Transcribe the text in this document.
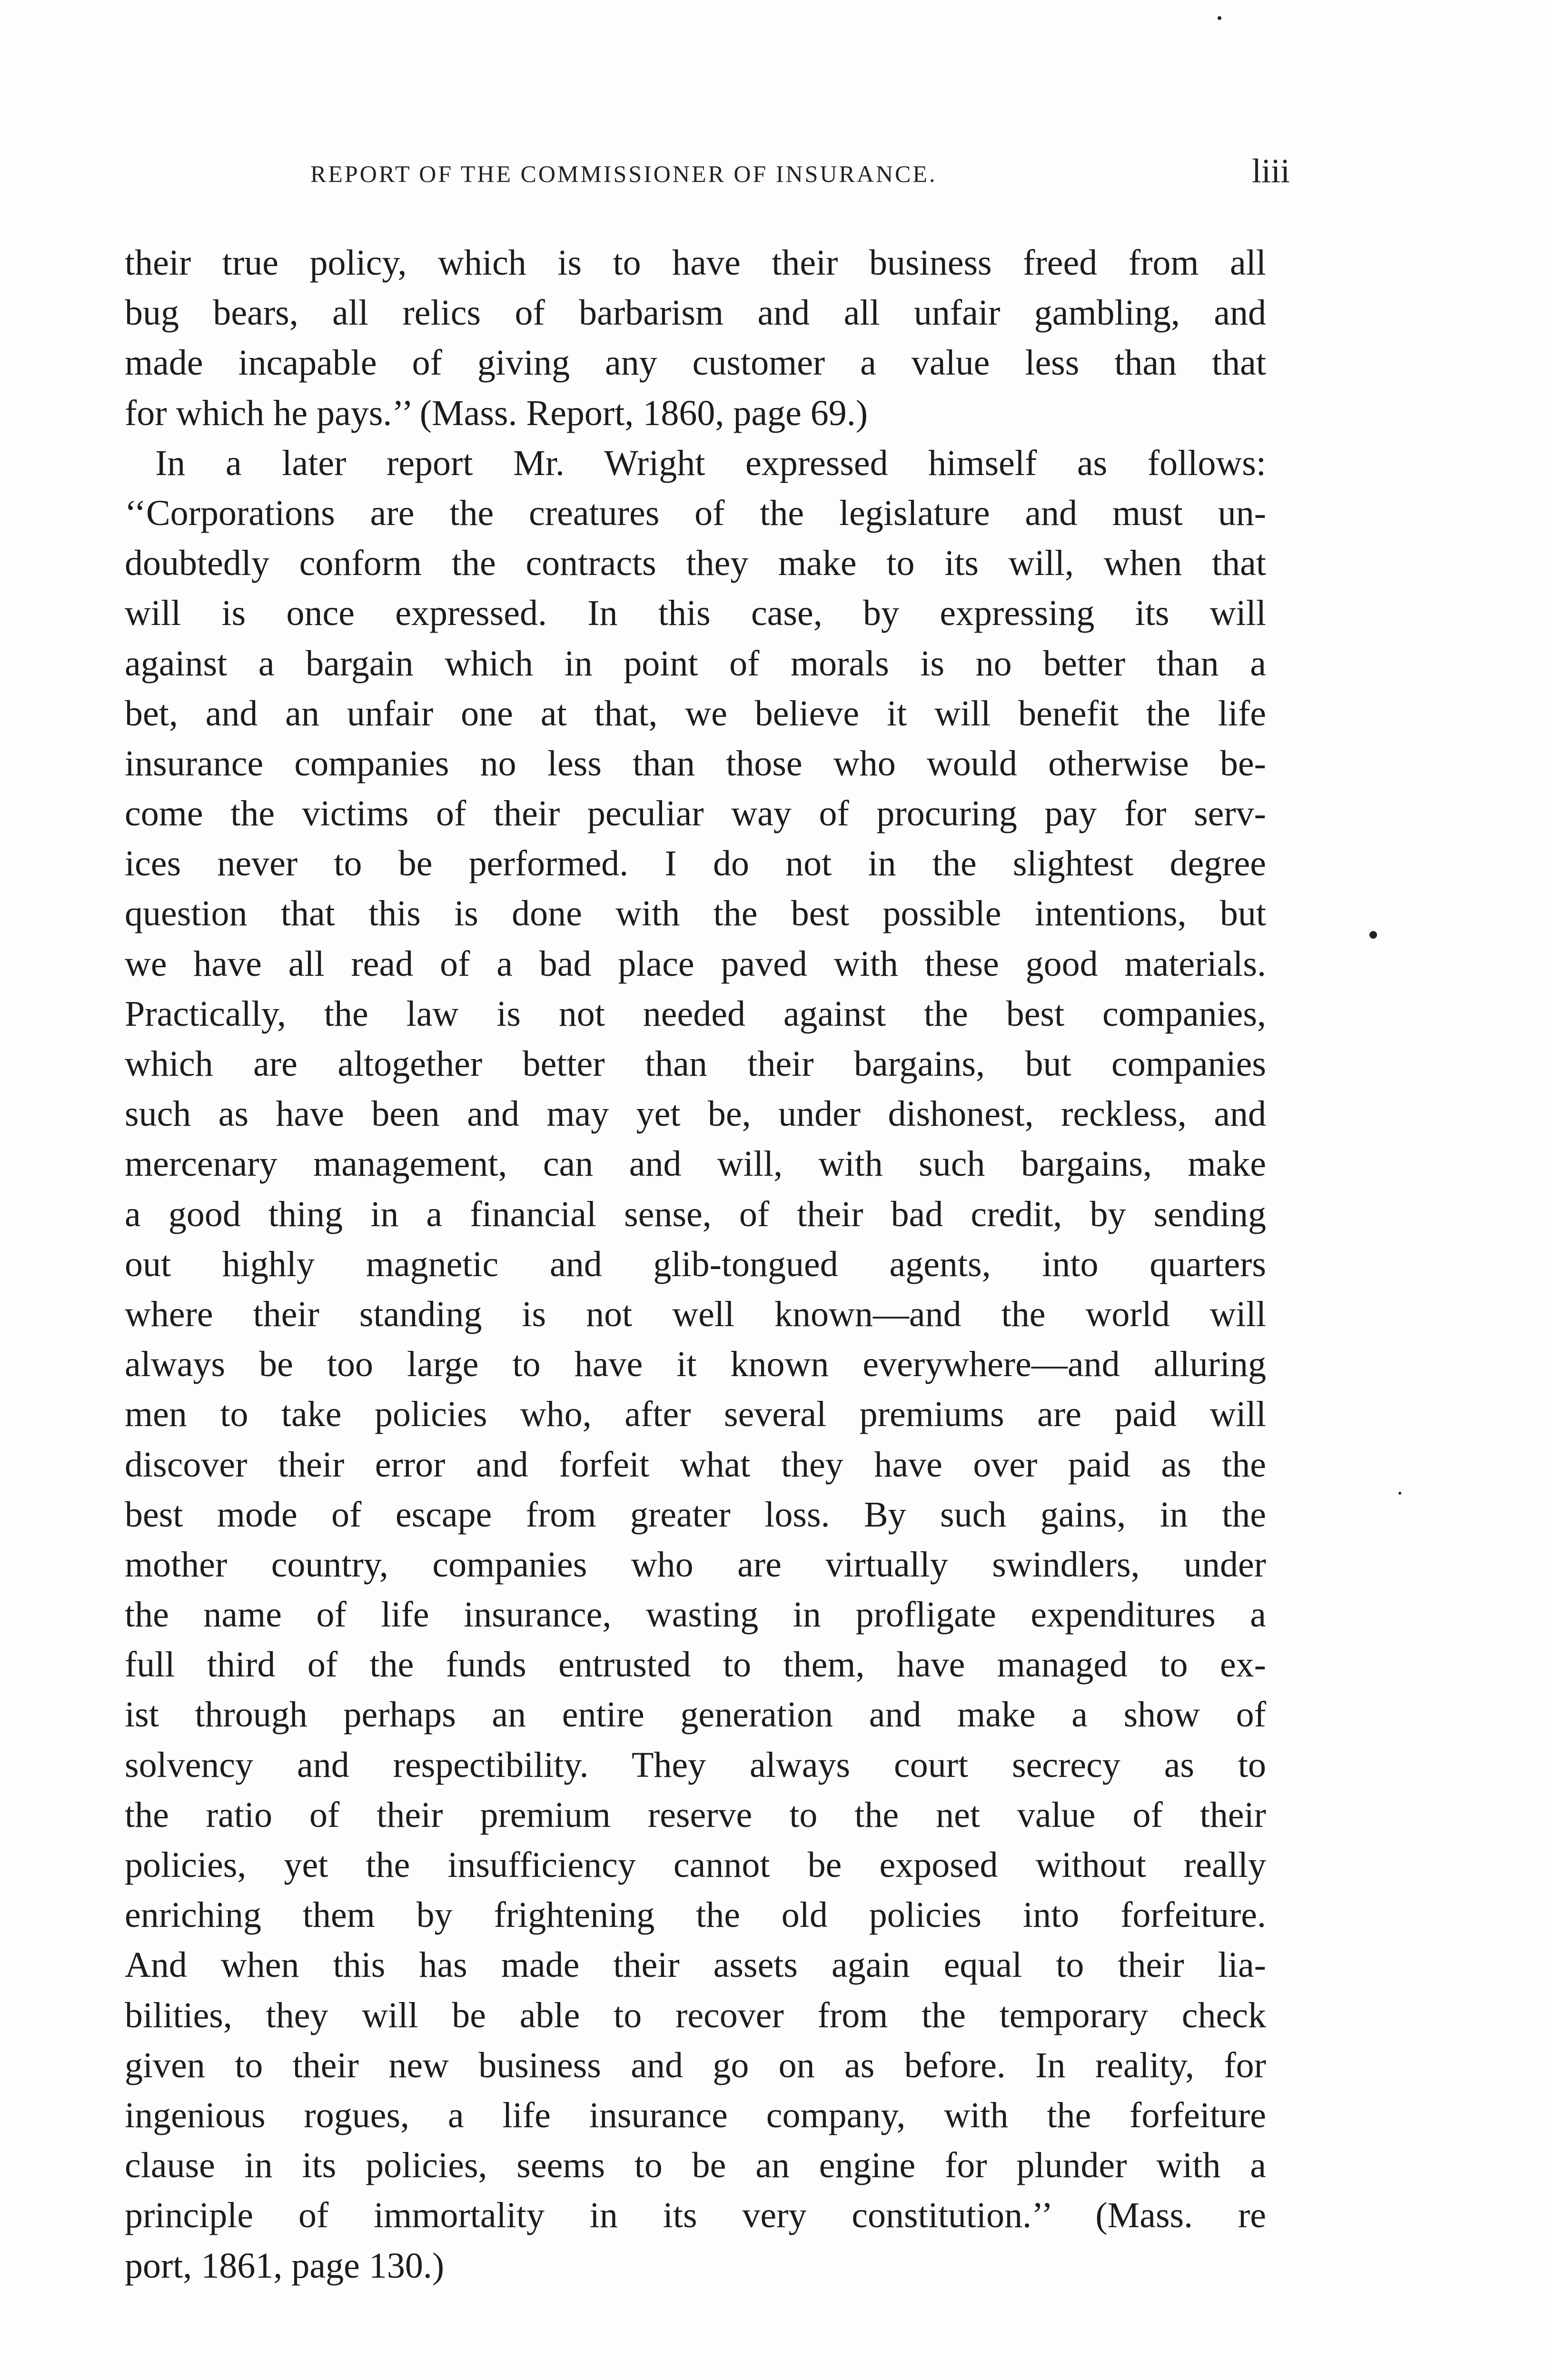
REPORT OF THE COMMISSIONER OF INSURANCE.	liii
their true policy, which is to have their business freed from all
bug bears, all relics of barbarism and all unfair gambling, and
made incapable of giving any customer a value less than that
for which he pays.’’ (Mass. Report, 1860, page 69.)
In a later report Mr. Wright expressed himself as follows:
‘‘Corporations are the creatures of the legislature and must un-
doubtedly conform the contracts they make to its will, when that
will is once expressed. In this case, by expressing its will
against a bargain which in point of morals is no better than a
bet, and an unfair one at that, we believe it will benefit the life
insurance companies no less than those who would otherwise be-
come the victims of their peculiar way of procuring pay for serv-
ices never to be performed. I do not in the slightest degree
question that this is done with the best possible intentions, but
we have all read of a bad place paved with these good materials.
Practically, the law is not needed against the best companies,
which are altogether better than their bargains, but companies
such as have been and may yet be, under dishonest, reckless, and
mercenary management, can and will, with such bargains, make
a good thing in a financial sense, of their bad credit, by sending
out highly magnetic and glib-tongued agents, into quarters
where their standing is not well known—and the world will
always be too large to have it known everywhere—and alluring
men to take policies who, after several premiums are paid will
discover their error and forfeit what they have over paid as the
best mode of escape from greater loss. By such gains, in the
mother country, companies who are virtually swindlers, under
the name of life insurance, wasting in profligate expenditures a
full third of the funds entrusted to them, have managed to ex-
ist through perhaps an entire generation and make a show of
solvency and respectibility. They always court secrecy as to
the ratio of their premium reserve to the net value of their
policies, yet the insufficiency cannot be exposed without really
enriching them by frightening the old policies into forfeiture.
And when this has made their assets again equal to their lia-
bilities, they will be able to recover from the temporary check
given to their new business and go on as before. In reality, for
ingenious rogues, a life insurance company, with the forfeiture
clause in its policies, seems to be an engine for plunder with a
principle of immortality in its very constitution.’’ (Mass. re
port, 1861, page 130.)
